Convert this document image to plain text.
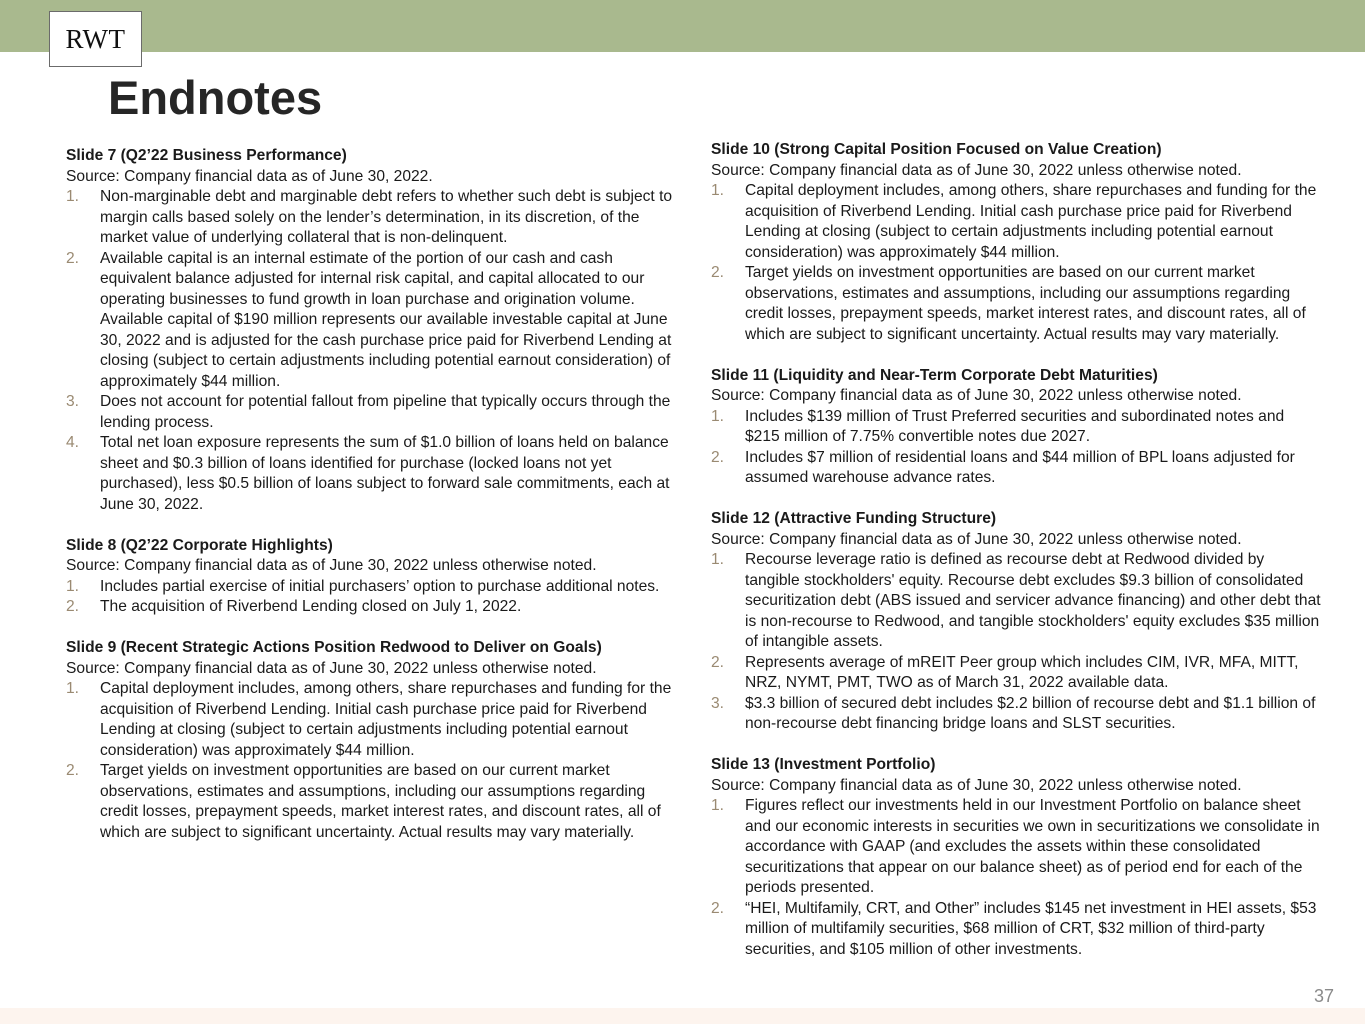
RWT
Endnotes
Slide 7 (Q2’22 Business Performance)
Source: Company financial data as of June 30, 2022.
1.	Non-marginable debt and marginable debt refers to whether such debt is subject to margin calls based solely on the lender’s determination, in its discretion, of the market value of underlying collateral that is non-delinquent.
2.	Available capital is an internal estimate of the portion of our cash and cash equivalent balance adjusted for internal risk capital, and capital allocated to our operating businesses to fund growth in loan purchase and origination volume. Available capital of $190 million represents our available investable capital at June 30, 2022 and is adjusted for the cash purchase price paid for Riverbend Lending at closing (subject to certain adjustments including potential earnout consideration) of approximately $44 million.
3.	Does not account for potential fallout from pipeline that typically occurs through the lending process.
4.	Total net loan exposure represents the sum of $1.0 billion of loans held on balance sheet and $0.3 billion of loans identified for purchase (locked loans not yet purchased), less $0.5 billion of loans subject to forward sale commitments, each at June 30, 2022.
Slide 8 (Q2’22 Corporate Highlights)
Source: Company financial data as of June 30, 2022 unless otherwise noted.
1.	Includes partial exercise of initial purchasers’ option to purchase additional notes.
2.	The acquisition of Riverbend Lending closed on July 1, 2022.
Slide 9 (Recent Strategic Actions Position Redwood to Deliver on Goals)
Source: Company financial data as of June 30, 2022 unless otherwise noted.
1.	Capital deployment includes, among others, share repurchases and funding for the acquisition of Riverbend Lending. Initial cash purchase price paid for Riverbend Lending at closing (subject to certain adjustments including potential earnout consideration) was approximately $44 million.
2.	Target yields on investment opportunities are based on our current market observations, estimates and assumptions, including our assumptions regarding credit losses, prepayment speeds, market interest rates, and discount rates, all of which are subject to significant uncertainty. Actual results may vary materially.
Slide 10 (Strong Capital Position Focused on Value Creation)
Source: Company financial data as of June 30, 2022 unless otherwise noted.
1.	Capital deployment includes, among others, share repurchases and funding for the acquisition of Riverbend Lending. Initial cash purchase price paid for Riverbend Lending at closing (subject to certain adjustments including potential earnout consideration) was approximately $44 million.
2.	Target yields on investment opportunities are based on our current market observations, estimates and assumptions, including our assumptions regarding credit losses, prepayment speeds, market interest rates, and discount rates, all of which are subject to significant uncertainty. Actual results may vary materially.
Slide 11 (Liquidity and Near-Term Corporate Debt Maturities)
Source: Company financial data as of June 30, 2022 unless otherwise noted.
1.	Includes $139 million of Trust Preferred securities and subordinated notes and $215 million of 7.75% convertible notes due 2027.
2.	Includes $7 million of residential loans and $44 million of BPL loans adjusted for assumed warehouse advance rates.
Slide 12 (Attractive Funding Structure)
Source: Company financial data as of June 30, 2022 unless otherwise noted.
1.	Recourse leverage ratio is defined as recourse debt at Redwood divided by tangible stockholders' equity. Recourse debt excludes $9.3 billion of consolidated securitization debt (ABS issued and servicer advance financing) and other debt that is non-recourse to Redwood, and tangible stockholders' equity excludes $35 million of intangible assets.
2.	Represents average of mREIT Peer group which includes CIM, IVR, MFA, MITT, NRZ, NYMT, PMT, TWO as of March 31, 2022 available data.
3.	$3.3 billion of secured debt includes $2.2 billion of recourse debt and $1.1 billion of non-recourse debt financing bridge loans and SLST securities.
Slide 13 (Investment Portfolio)
Source: Company financial data as of June 30, 2022 unless otherwise noted.
1.	Figures reflect our investments held in our Investment Portfolio on balance sheet and our economic interests in securities we own in securitizations we consolidate in accordance with GAAP (and excludes the assets within these consolidated securitizations that appear on our balance sheet) as of period end for each of the periods presented.
2.	“HEI, Multifamily, CRT, and Other” includes $145 net investment in HEI assets, $53 million of multifamily securities, $68 million of CRT, $32 million of third-party securities, and $105 million of other investments.
37
